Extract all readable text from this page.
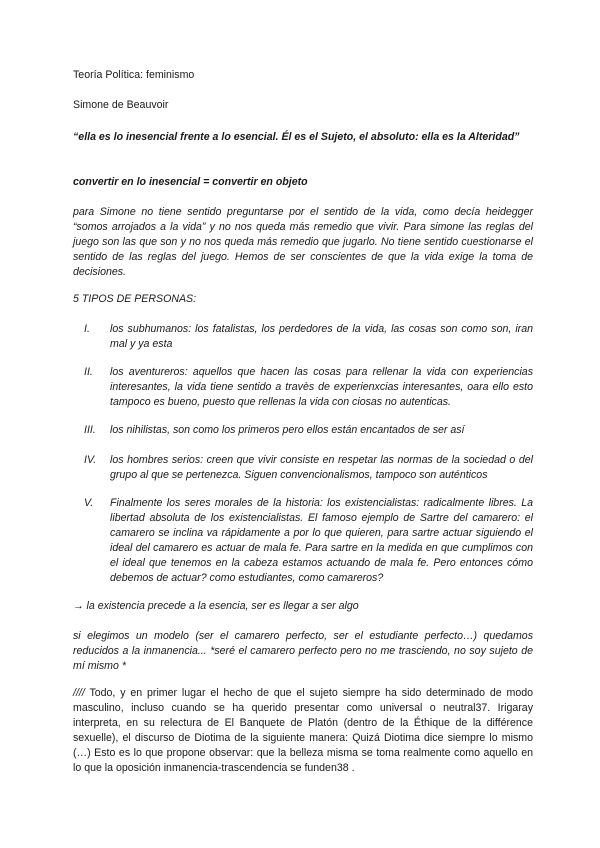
Teoría Política: feminismo

Simone de Beauvoir

“ella es lo inesencial frente a lo esencial. Él es el Sujeto, el absoluto: ella es la Alteridad”

convertir en lo inesencial = convertir en objeto

para Simone no tiene sentido preguntarse por el sentido de la vida, como decía heidegger “somos arrojados a la vida” y no nos queda más remedio que vivir. Para simone las reglas del juego son las que son y no nos queda más remedio que jugarlo. No tiene sentido cuestionarse el sentido de las reglas del juego. Hemos de ser conscientes de que la vida exige la toma de decisiones.

5 TIPOS DE PERSONAS:

I.	los subhumanos: los fatalistas, los perdedores de la vida, las cosas son como son, iran mal y ya esta
II.	los aventureros: aquellos que hacen las cosas para rellenar la vida con experiencias interesantes, la vida tiene sentido a travès de experienxcias interesantes, oara ello esto tampoco es bueno, puesto que rellenas la vida con ciosas no autenticas.
III.	los nihilistas, son como los primeros pero ellos están encantados de ser así
IV.	los hombres serios: creen que vivir consiste en respetar las normas de la sociedad o del grupo al que se pertenezca. Siguen convencionalismos, tampoco son auténticos
V.	Finalmente los seres morales de la historia: los existencialistas: radicalmente libres. La libertad absoluta de los existencialistas. El famoso ejemplo de Sartre del camarero: el camarero se inclina va rápidamente a por lo que quieren, para sartre actuar siguiendo el ideal del camarero es actuar de mala fe. Para sartre en la medida en que cumplimos con el ideal que tenemos en la cabeza estamos actuando de mala fe. Pero entonces cómo debemos de actuar? como estudiantes, como camareros?

→ la existencia precede a la esencia, ser es llegar a ser algo

si elegimos un modelo (ser el camarero perfecto, ser el estudiante perfecto…) quedamos reducidos a la inmanencia... *seré el camarero perfecto pero no me trasciendo, no soy sujeto de mí mismo *

//// Todo, y en primer lugar el hecho de que el sujeto siempre ha sido determinado de modo masculino, incluso cuando se ha querido presentar como universal o neutral37. Irigaray interpreta, en su relectura de El Banquete de Platón (dentro de la Éthique de la différence sexuelle), el discurso de Diotima de la siguiente manera: Quizá Diotima dice siempre lo mismo (…) Esto es lo que propone observar: que la belleza misma se toma realmente como aquello en lo que la oposición inmanencia-trascendencia se funden38 .
